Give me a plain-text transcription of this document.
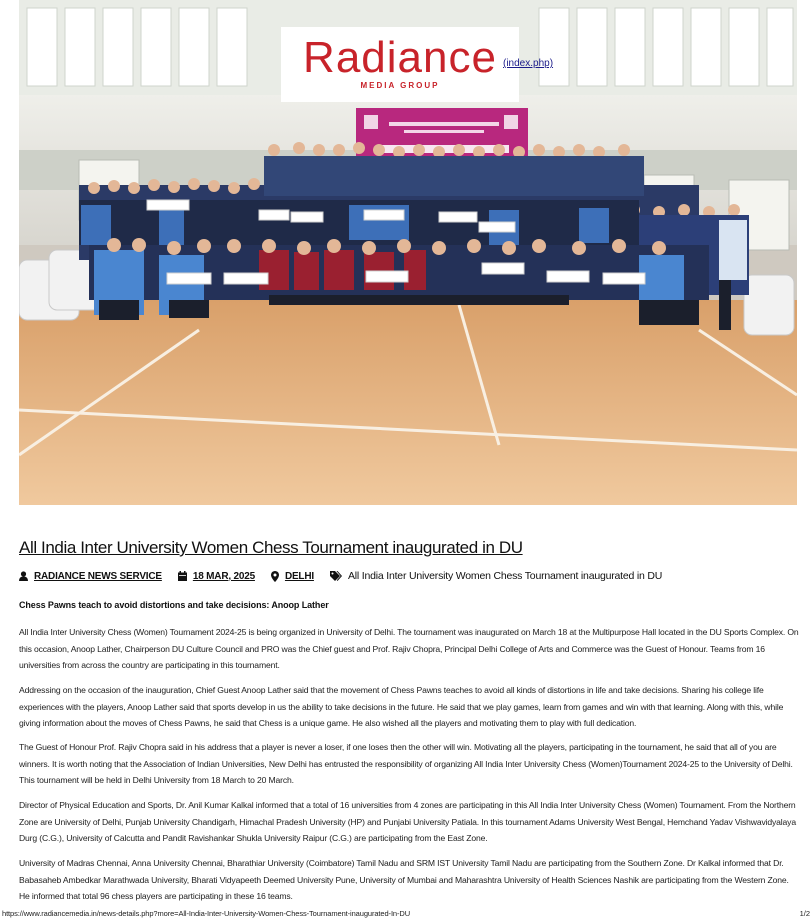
Radiance
MEDIA GROUP
(index.php)
All India Inter University Women Chess Tournament inaugurated in DU
RADIANCE NEWS SERVICE	18 MAR, 2025	DELHI	All India Inter University Women Chess Tournament inaugurated in DU
Chess Pawns teach to avoid distortions and take decisions: Anoop Lather

All India Inter University Chess (Women) Tournament 2024-25 is being organized in University of Delhi. The tournament was inaugurated on March 18 at the Multipurpose Hall located in the DU Sports Complex. On this occasion, Anoop Lather, Chairperson DU Culture Council and PRO was the Chief guest and Prof. Rajiv Chopra, Principal Delhi College of Arts and Commerce was the Guest of Honour. Teams from 16 universities from across the country are participating in this tournament.

Addressing on the occasion of the inauguration, Chief Guest Anoop Lather said that the movement of Chess Pawns teaches to avoid all kinds of distortions in life and take decisions. Sharing his college life experiences with the players, Anoop Lather said that sports develop in us the ability to take decisions in the future. He said that we play games, learn from games and win with that learning. Along with this, while giving information about the moves of Chess Pawns, he said that Chess is a unique game. He also wished all the players and motivating them to play with full dedication.

The Guest of Honour Prof. Rajiv Chopra said in his address that a player is never a loser, if one loses then the other will win. Motivating all the players, participating in the tournament, he said that all of you are winners. It is worth noting that the Association of Indian Universities, New Delhi has entrusted the responsibility of organizing All India Inter University Chess (Women)Tournament 2024-25 to the University of Delhi. This tournament will be held in Delhi University from 18 March to 20 March.

Director of Physical Education and Sports, Dr. Anil Kumar Kalkal informed that a total of 16 universities from 4 zones are participating in this All India Inter University Chess (Women) Tournament. From the Northern Zone are University of Delhi, Punjab University Chandigarh, Himachal Pradesh University (HP) and Punjabi University Patiala. In this tournament Adams University West Bengal, Hemchand Yadav Vishwavidyalaya Durg (C.G.), University of Calcutta and Pandit Ravishankar Shukla University Raipur (C.G.) are participating from the East Zone.

University of Madras Chennai, Anna University Chennai, Bharathiar University (Coimbatore) Tamil Nadu and SRM IST University Tamil Nadu are participating from the Southern Zone. Dr Kalkal informed that Dr. Babasaheb Ambedkar Marathwada University, Bharati Vidyapeeth Deemed University Pune, University of Mumbai and Maharashtra University of Health Sciences Nashik are participating from the Western Zone. He informed that total 96 chess players are participating in these 16 teams.

https://www.radiancemedia.in/news-details.php?more=All-India-Inter-University-Women-Chess-Tournament-inaugurated-In-DU	1/2
